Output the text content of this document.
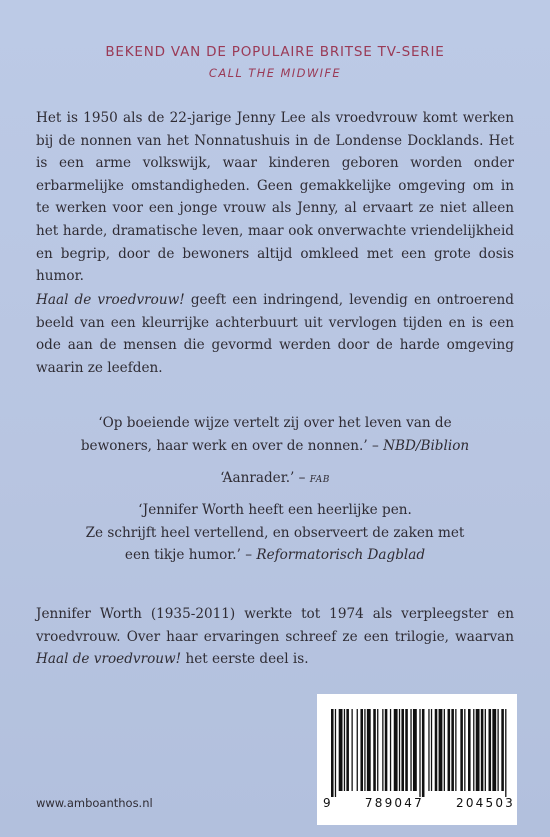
BEKEND VAN DE POPULAIRE BRITSE TV-SERIE
CALL THE MIDWIFE
Het is 1950 als de 22-jarige Jenny Lee als vroedvrouw komt werken bij de nonnen van het Nonnatushuis in de Londense Docklands. Het is een arme volkswijk, waar kinderen geboren worden onder erbarmelijke omstandigheden. Geen gemakkelijke omgeving om in te werken voor een jonge vrouw als Jenny, al ervaart ze niet alleen het harde, dramatische leven, maar ook onverwachte vriendelijkheid en begrip, door de bewoners altijd omkleed met een grote dosis humor.
Haal de vroedvrouw! geeft een indringend, levendig en ontroerend beeld van een kleurrijke achterbuurt uit vervlogen tijden en is een ode aan de mensen die gevormd werden door de harde omgeving waarin ze leefden.
‘Op boeiende wijze vertelt zij over het leven van de
bewoners, haar werk en over de nonnen.’ – NBD/Biblion
‘Aanrader.’ – FAB
‘Jennifer Worth heeft een heerlijke pen.
Ze schrijft heel vertellend, en observeert de zaken met
een tikje humor.’ – Reformatorisch Dagblad
Jennifer Worth (1935-2011) werkte tot 1974 als verpleegster en vroedvrouw. Over haar ervaringen schreef ze een trilogie, waarvan Haal de vroedvrouw! het eerste deel is.
www.amboanthos.nl	9	789047	204503
